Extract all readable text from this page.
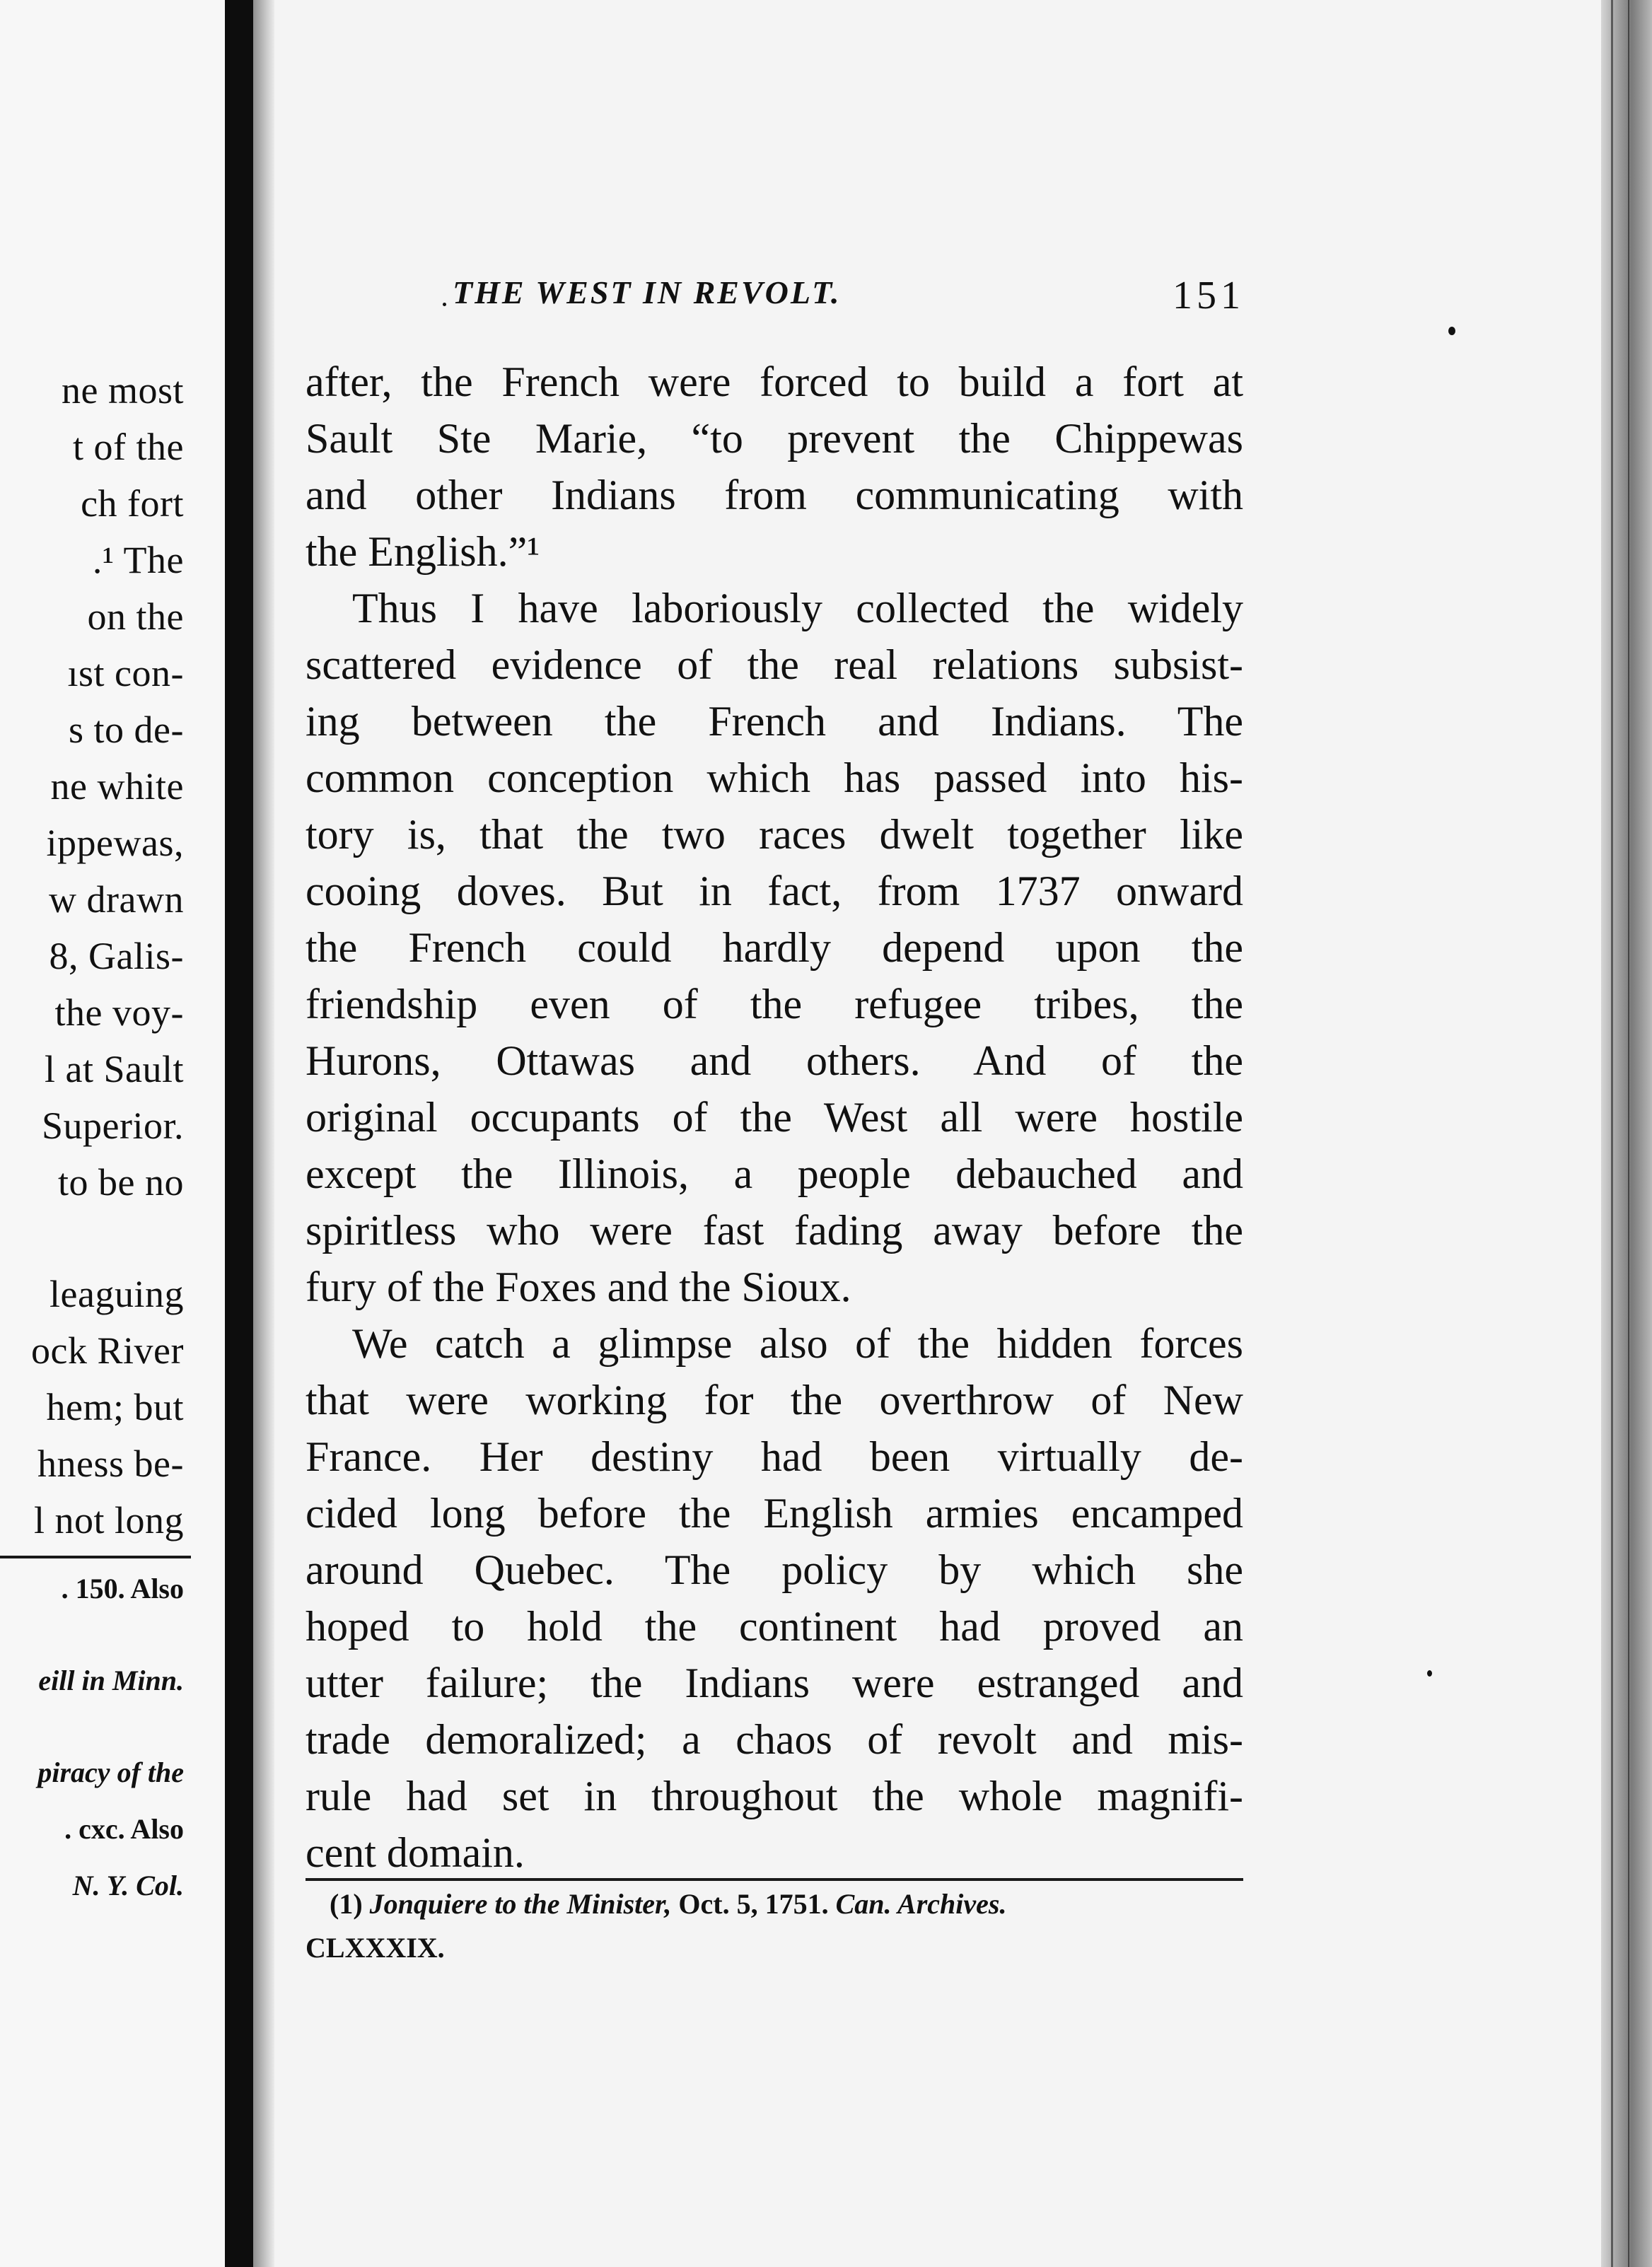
ne most

t of the

ch fort

.¹ The

on the

ıst con-

s to de-

ne white

ippewas,

w drawn

8, Galis-

the voy-

l at Sault

Superior.

to be no

leaguing

ock River

hem; but

hness be-

l not long

. 150. Also

eill in Minn.

piracy of the

. cxc. Also

N. Y. Col.

THE WEST IN REVOLT.	151

after, the French were forced to build a fort at

Sault Ste Marie, “to prevent the Chippewas

and other Indians from communicating with

the English.”¹

Thus I have laboriously collected the widely

scattered evidence of the real relations subsist-

ing between the French and Indians. The

common conception which has passed into his-

tory is, that the two races dwelt together like

cooing doves. But in fact, from 1737 onward

the French could hardly depend upon the

friendship even of the refugee tribes, the

Hurons, Ottawas and others. And of the

original occupants of the West all were hostile

except the Illinois, a people debauched and

spiritless who were fast fading away before the

fury of the Foxes and the Sioux.

We catch a glimpse also of the hidden forces

that were working for the overthrow of New

France. Her destiny had been virtually de-

cided long before the English armies encamped

around Quebec. The policy by which she

hoped to hold the continent had proved an

utter failure; the Indians were estranged and

trade demoralized; a chaos of revolt and mis-

rule had set in throughout the whole magnifi-

cent domain.

(1) Jonquiere to the Minister, Oct. 5, 1751. Can. Archives.

CLXXXIX.
